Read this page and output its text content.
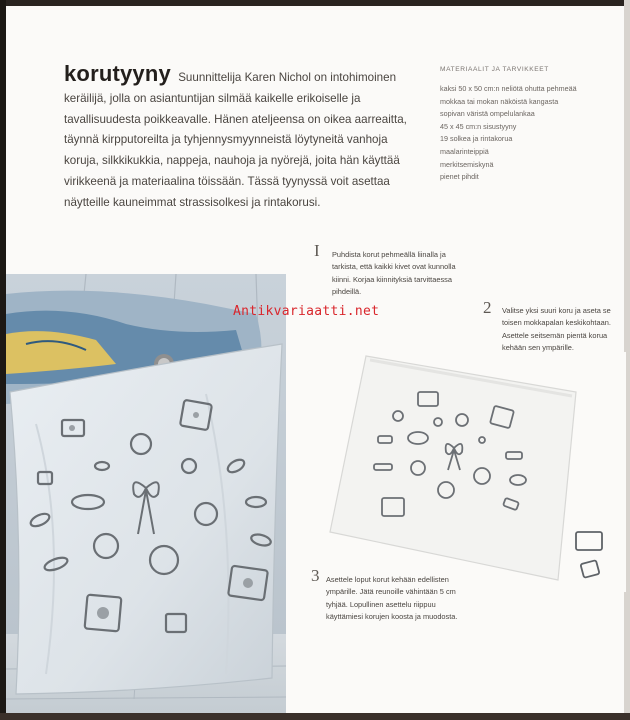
korutyyny Suunnittelija Karen Nichol on intohimoinen keräilijä, jolla on asiantuntijan silmää kaikelle erikoiselle ja tavallisuudesta poikkeavalle. Hänen ateljeensa on oikea aarreaitta, täynnä kirpputoreilta ja tyhjennysmyynneistä löytyneitä vanhoja koruja, silkkikukkia, nappeja, nauhoja ja nyörejä, joita hän käyttää virikkeenä ja materiaalina töissään. Tässä tyynyssä voit asettaa näytteille kauneimmat strassisolkesi ja rintakorusi.
MATERIAALIT JA TARVIKKEET
kaksi 50 x 50 cm:n neliötä ohutta pehmeää
mokkaa tai mokan näköistä kangasta
sopivan väristä ompelulankaa
45 x 45 cm:n sisustyyny
19 solkea ja rintakorua
maalarinteippiä
merkitsemiskynä
pienet pihdit
I	Puhdista korut pehmeällä liinalla ja tarkista, että kaikki kivet ovat kunnolla kiinni. Korjaa kiinnityksiä tarvittaessa pihdeillä.
2	Valitse yksi suuri koru ja aseta se toisen mokkapalan keskikohtaan. Asettele seitsemän pientä korua kehään sen ympärille.
3 Asettele loput korut kehään edellisten ympärille. Jätä reunoille vähintään 5 cm tyhjää. Lopullinen asettelu riippuu käyttämiesi korujen koosta ja muodosta.
Antikvariaatti.net
